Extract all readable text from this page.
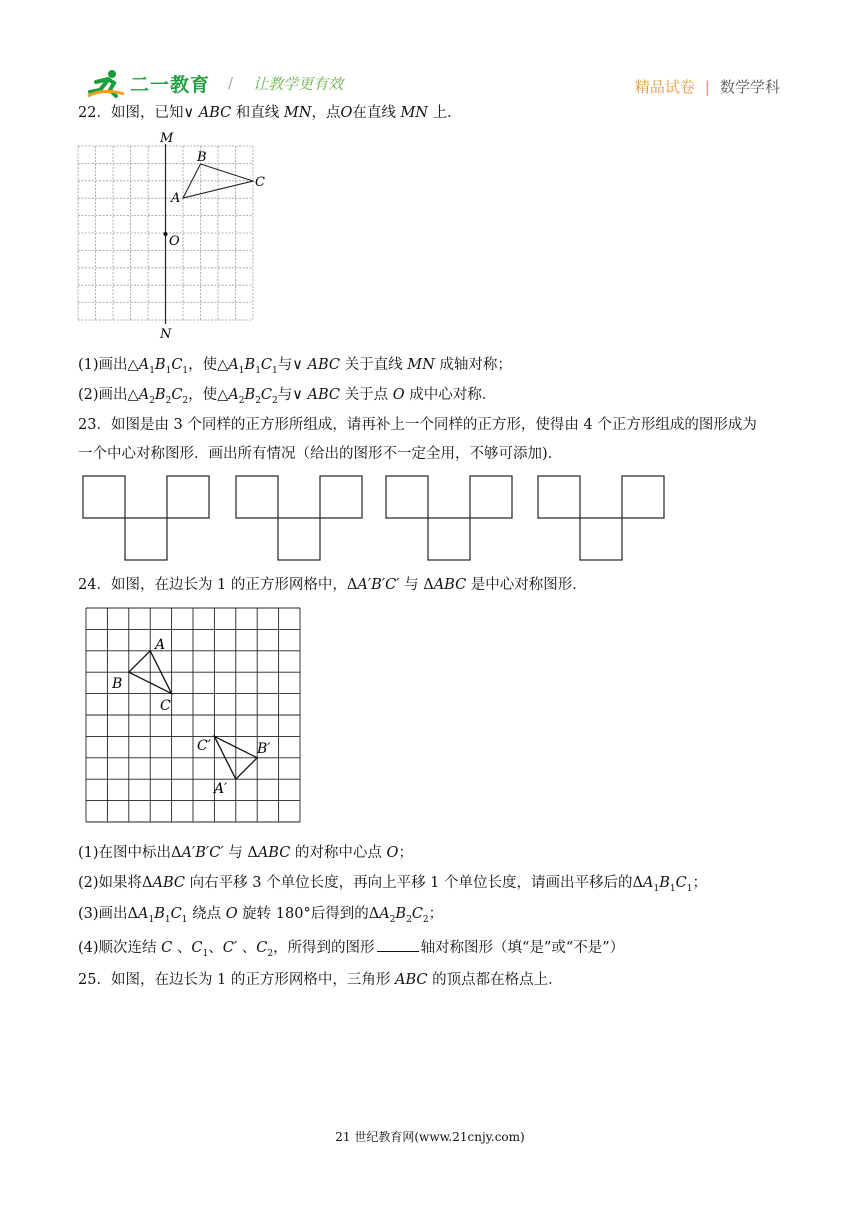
二一教育 / 让教学更有效	精品试卷 | 数学学科
22．如图，已知∨ ABC 和直线 MN，点O在直线 MN 上．
M
N
O
A
B
C
(1)画出$\triangle A_1B_1C_1$，使$\triangle A_1B_1C_1$与∨ ABC 关于直线 MN 成轴对称；
(2)画出$\triangle A_2B_2C_2$，使$\triangle A_2B_2C_2$与∨ ABC 关于点 O 成中心对称．
23．如图是由 3 个同样的正方形所组成，请再补上一个同样的正方形，使得由 4 个正方形组成的图形成为
一个中心对称图形．画出所有情况（给出的图形不一定全用，不够可添加)．
24．如图，在边长为 1 的正方形网格中，ΔA′B′C′ 与 ΔABC 是中心对称图形．
A
B
C
C′	B′
A′
(1)在图中标出ΔA′B′C′ 与 ΔABC 的对称中心点 O；
(2)如果将ΔABC 向右平移 3 个单位长度，再向上平移 1 个单位长度，请画出平移后的$\Delta A_1B_1C_1$；
(3)画出$\Delta A_1B_1C_1$ 绕点 O 旋转 180°后得到的$\Delta A_2B_2C_2$；
(4)顺次连结 C 、$C_1$、C′ 、$C_2$，所得到的图形	轴对称图形（填“是”或“不是”）
25．如图，在边长为 1 的正方形网格中，三角形 ABC 的顶点都在格点上．
21 世纪教育网(www.21cnjy.com)
